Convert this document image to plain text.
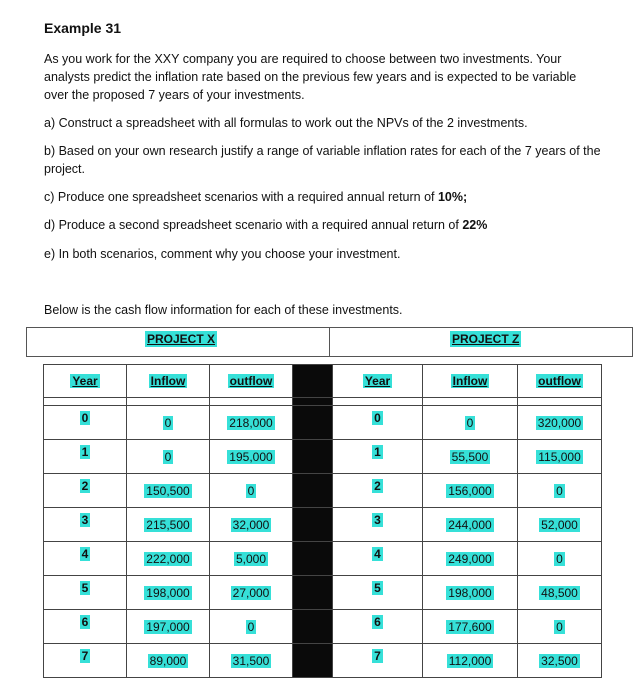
Example 31
As you work for the XXY company you are required to choose between two investments. Your analysts predict the inflation rate based on the previous few years and is expected to be variable over the proposed 7 years of your investments.
a) Construct a spreadsheet with all formulas to work out the NPVs of the 2 investments.
b) Based on your own research justify a range of variable inflation rates for each of the 7 years of the project.
c) Produce one spreadsheet scenarios with a required annual return of 10%;
d) Produce a second spreadsheet scenario with a required annual return of 22%
e) In both scenarios, comment why you choose your investment.
Below is the cash flow information for each of these investments.
PROJECT X	PROJECT Z
Year	Inflow	outflow		Year	Inflow	outflow

0	0	218,000		0	0	320,000
1	0	195,000		1	55,500	115,000
2	150,500	0		2	156,000	0
3	215,500	32,000		3	244,000	52,000
4	222,000	5,000		4	249,000	0
5	198,000	27,000		5	198,000	48,500
6	197,000	0		6	177,600	0
7	89,000	31,500		7	112,000	32,500
